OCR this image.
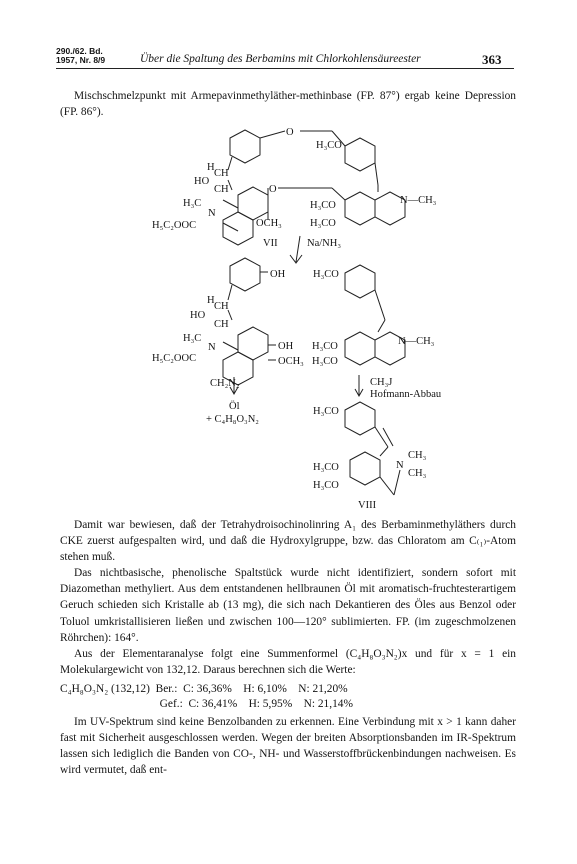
290./62. Bd.
1957, Nr. 8/9	Über die Spaltung des Berbamins mit Chlorkohlensäureester	363

Mischschmelzpunkt mit Armepavinmethyläther-methinbase (FP. 87°) ergab keine Depression (FP. 86°).

O
H₃CO
H
CH
HO
CH
H₃C
N
H₅C₂OOC
O
H₃CO	N—CH₃
OCH₃	H₃CO
VII	Na/NH₃
OH	H₃CO
H
CH
HO
CH
H₃C
N
H₅C₂OOC
OH
OCH₃
H₃CO
H₃CO
N—CH₃
CH₂N₂
Öl
+ C₄H₈O₃N₂
CH₃J
Hofmann-Abbau
H₃CO
CH₃
N
CH₃
H₃CO
H₃CO
VIII

Damit war bewiesen, daß der Tetrahydroisochinolinring A₁ des Berbaminmethyläthers durch CKE zuerst aufgespalten wird, und daß die Hydroxylgruppe, bzw. das Chloratom am C₍₁₎-Atom stehen muß.

Das nichtbasische, phenolische Spaltstück wurde nicht identifiziert, sondern sofort mit Diazomethan methyliert. Aus dem entstandenen hellbraunen Öl mit aromatisch-fruchtesterartigem Geruch schieden sich Kristalle ab (13 mg), die sich nach Dekantieren des Öles aus Benzol oder Toluol umkristallisieren ließen und zwischen 100—120° sublimierten. FP. (im zugeschmolzenen Röhrchen): 164°.

Aus der Elementaranalyse folgt eine Summenformel (C₄H₈O₃N₂)x und für x = 1 ein Molekulargewicht von 132,12. Daraus berechnen sich die Werte:

C₄H₈O₃N₂ (132,12)  Ber.:  C: 36,36%    H: 6,10%    N: 21,20%
Gef.:  C: 36,41%    H: 5,95%    N: 21,14%

Im UV-Spektrum sind keine Benzolbanden zu erkennen. Eine Verbindung mit x > 1 kann daher fast mit Sicherheit ausgeschlossen werden. Wegen der breiten Absorptionsbanden im IR-Spektrum lassen sich lediglich die Banden von CO-, NH- und Wasserstoffbrückenbindungen nachweisen. Es wird vermutet, daß ent-
